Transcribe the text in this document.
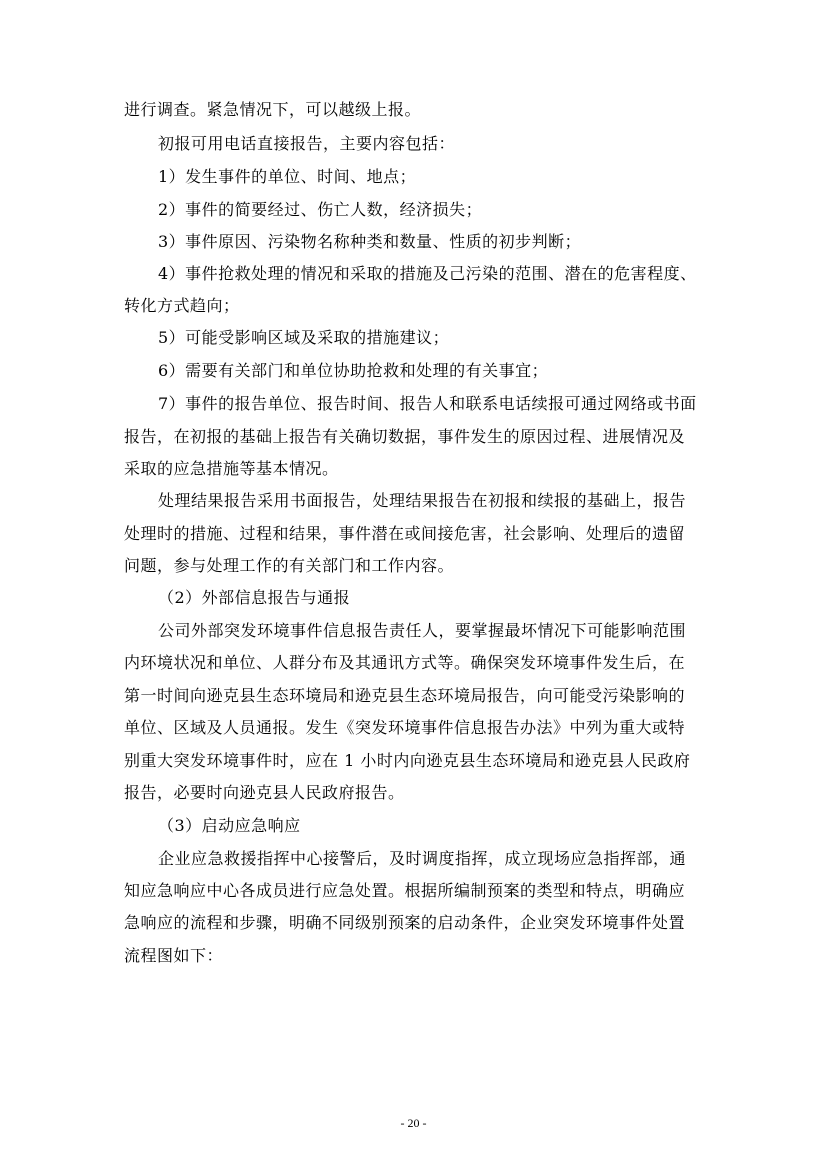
进行调查。紧急情况下，可以越级上报。
初报可用电话直接报告，主要内容包括：
1）发生事件的单位、时间、地点；
2）事件的简要经过、伤亡人数，经济损失；
3）事件原因、污染物名称种类和数量、性质的初步判断；
4）事件抢救处理的情况和采取的措施及己污染的范围、潜在的危害程度、
转化方式趋向；
5）可能受影响区域及采取的措施建议；
6）需要有关部门和单位协助抢救和处理的有关事宜；
7）事件的报告单位、报告时间、报告人和联系电话续报可通过网络或书面
报告，在初报的基础上报告有关确切数据，事件发生的原因过程、进展情况及
采取的应急措施等基本情况。
处理结果报告采用书面报告，处理结果报告在初报和续报的基础上，报告
处理时的措施、过程和结果，事件潜在或间接危害，社会影响、处理后的遗留
问题，参与处理工作的有关部门和工作内容。
（2）外部信息报告与通报
公司外部突发环境事件信息报告责任人，要掌握最坏情况下可能影响范围
内环境状况和单位、人群分布及其通讯方式等。确保突发环境事件发生后，在
第一时间向逊克县生态环境局和逊克县生态环境局报告，向可能受污染影响的
单位、区域及人员通报。发生《突发环境事件信息报告办法》中列为重大或特
别重大突发环境事件时，应在 1 小时内向逊克县生态环境局和逊克县人民政府
报告，必要时向逊克县人民政府报告。
（3）启动应急响应
企业应急救援指挥中心接警后，及时调度指挥，成立现场应急指挥部，通
知应急响应中心各成员进行应急处置。根据所编制预案的类型和特点，明确应
急响应的流程和步骤，明确不同级别预案的启动条件，企业突发环境事件处置
流程图如下：
- 20 -
